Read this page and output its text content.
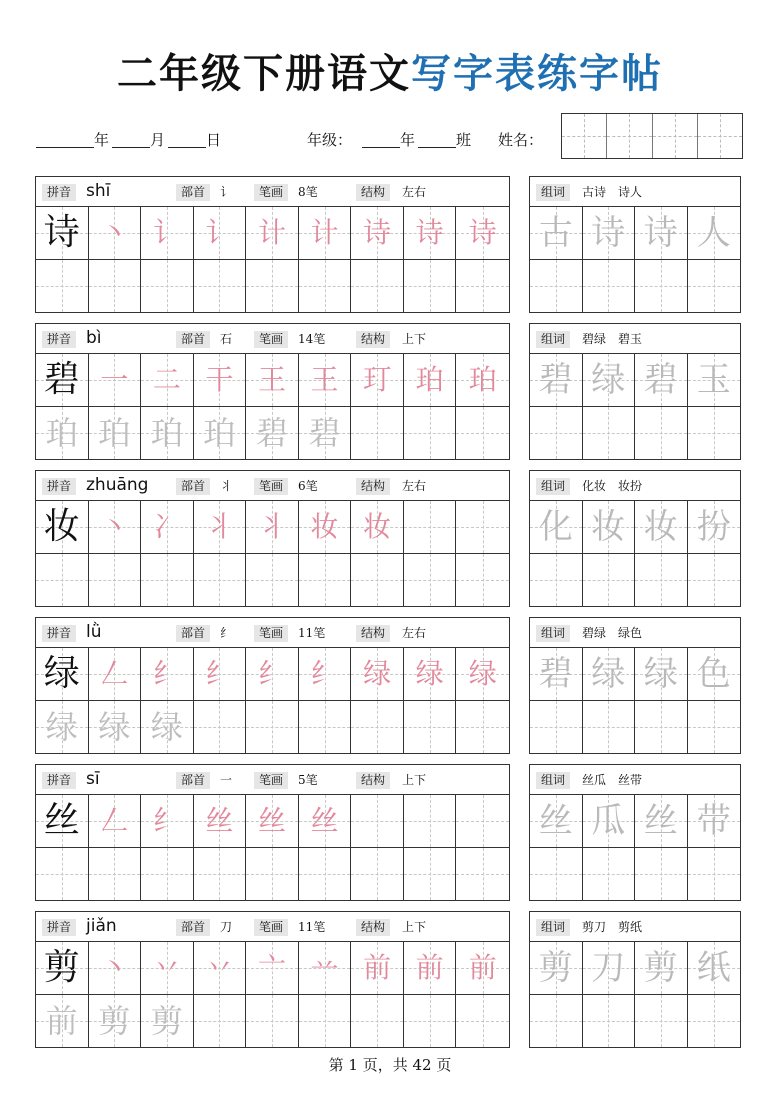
二年级下册语文写字表练字帖
年	月	日	年级：	年	班 姓名：
拼音 shī	部首	讠	笔画	8笔	结构	左右
诗 丶 讠 讠 计 计 诗 诗 诗
组词	古诗　诗人
古 诗 诗 人
拼音 bì	部首	石	笔画	14笔	结构	上下
碧 一 二 干 王 王 玎 珀 珀
珀 珀 珀 珀 碧 碧
组词	碧绿　碧玉
碧 绿 碧 玉
拼音 zhuāng	部首	丬	笔画	6笔	结构	左右
妆 丶 冫 丬 丬 妆 妆
组词	化妆　妆扮
化 妆 妆 扮
拼音 lǜ	部首	纟	笔画	11笔	结构	左右
绿 𠃋 纟 纟 纟 纟 绿 绿 绿
绿 绿 绿
组词	碧绿　绿色
碧 绿 绿 色
拼音 sī	部首	一	笔画	5笔	结构	上下
丝 𠃋 纟 丝 丝 丝
组词	丝瓜　丝带
丝 瓜 丝 带
拼音 jiǎn	部首	刀	笔画	11笔	结构	上下
剪 丶 丷 丷 亠 䒑 前 前 前
前 剪 剪
组词	剪刀　剪纸
剪 刀 剪 纸
第 1 页，共 42 页
